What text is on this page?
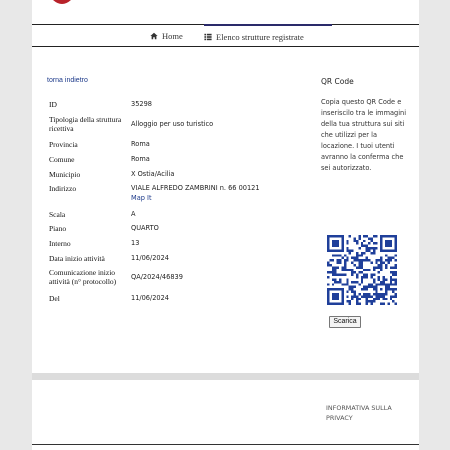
Home	Elenco strutture registrate
torna indietro
ID	35298
Tipologia della struttura ricettiva	Alloggio per uso turistico
Provincia	Roma
Comune	Roma
Municipio	X Ostia/Acilia
Indirizzo	VIALE ALFREDO ZAMBRINI n. 66 00121
Map It
Scala	A
Piano	QUARTO
Interno	13
Data inizio attività	11/06/2024
Comunicazione inizio attività (n° protocollo)	QA/2024/46839
Del	11/06/2024
QR Code
Copia questo QR Code e inseriscilo tra le immagini della tua struttura sui siti che utilizzi per la locazione. I tuoi utenti avranno la conferma che sei autorizzato.
Scarica
INFORMATIVA SULLA PRIVACY
